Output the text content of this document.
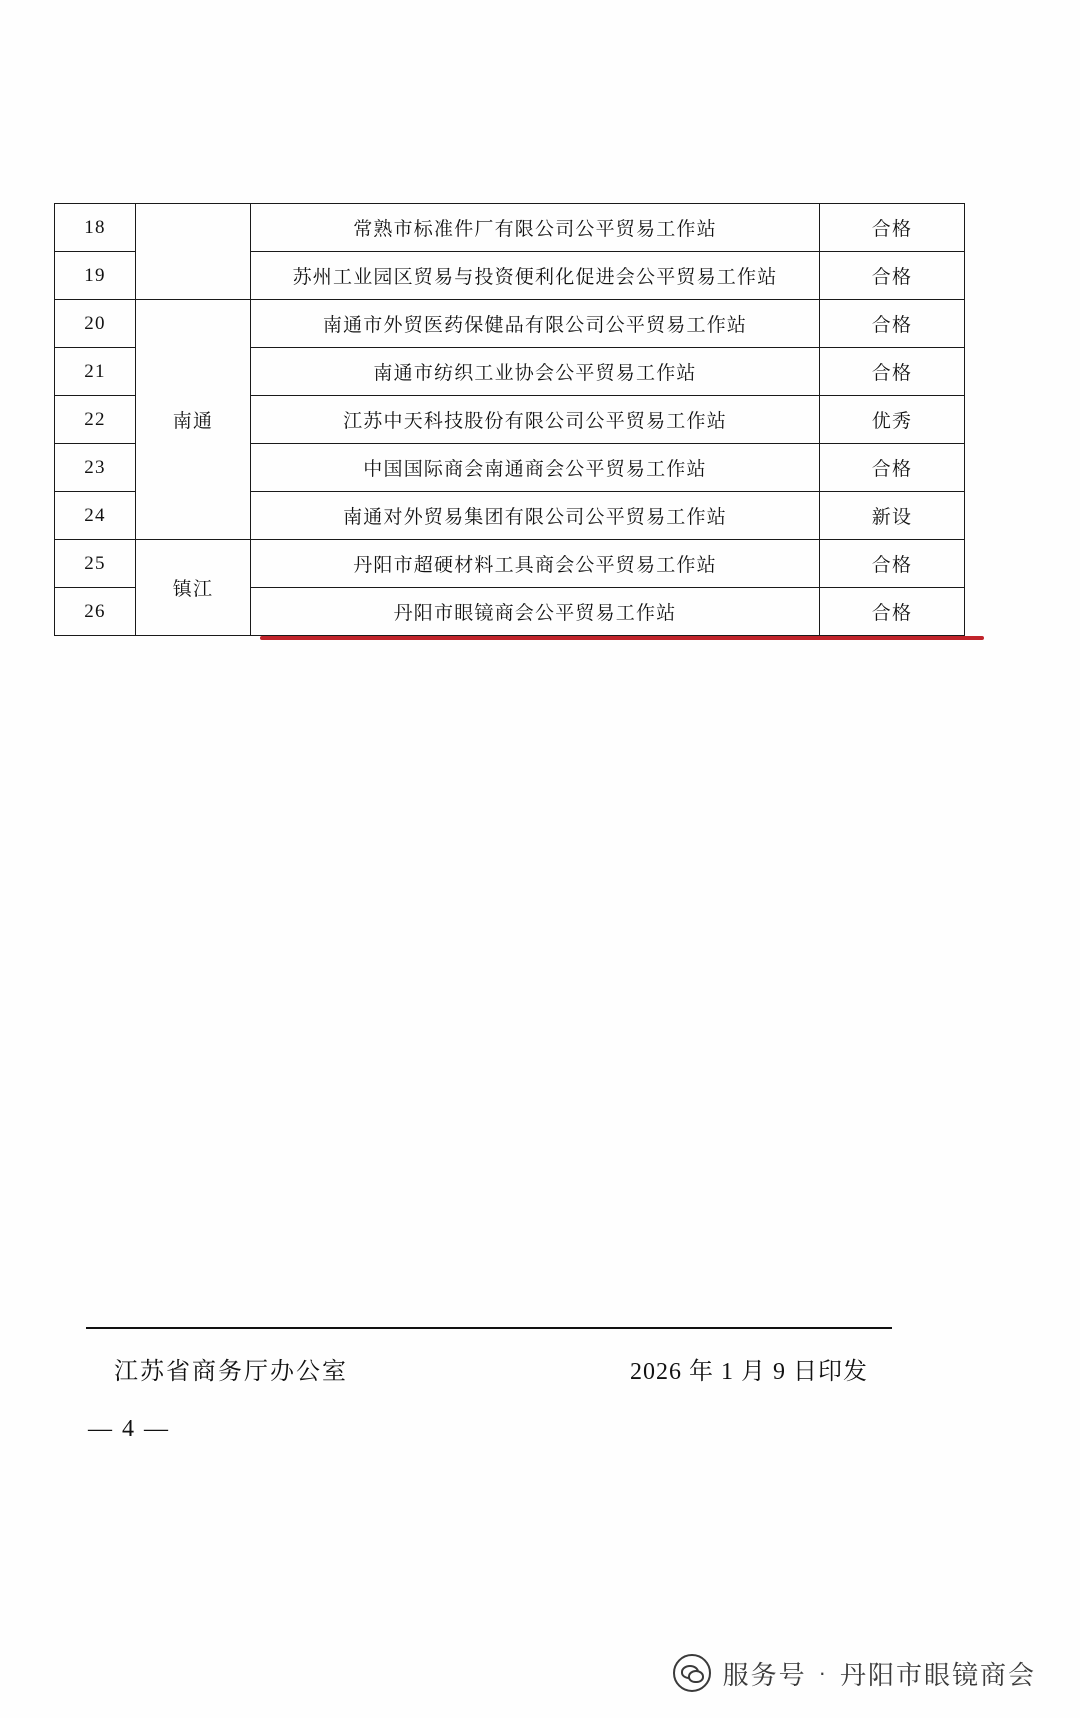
18		常熟市标准件厂有限公司公平贸易工作站	合格
19		苏州工业园区贸易与投资便利化促进会公平贸易工作站	合格
20	南通	南通市外贸医药保健品有限公司公平贸易工作站	合格
21		南通市纺织工业协会公平贸易工作站	合格
22		江苏中天科技股份有限公司公平贸易工作站	优秀
23		中国国际商会南通商会公平贸易工作站	合格
24		南通对外贸易集团有限公司公平贸易工作站	新设
25	镇江	丹阳市超硬材料工具商会公平贸易工作站	合格
26		丹阳市眼镜商会公平贸易工作站	合格
江苏省商务厅办公室	2026 年 1 月 9 日印发
— 4 —
服务号 · 丹阳市眼镜商会
